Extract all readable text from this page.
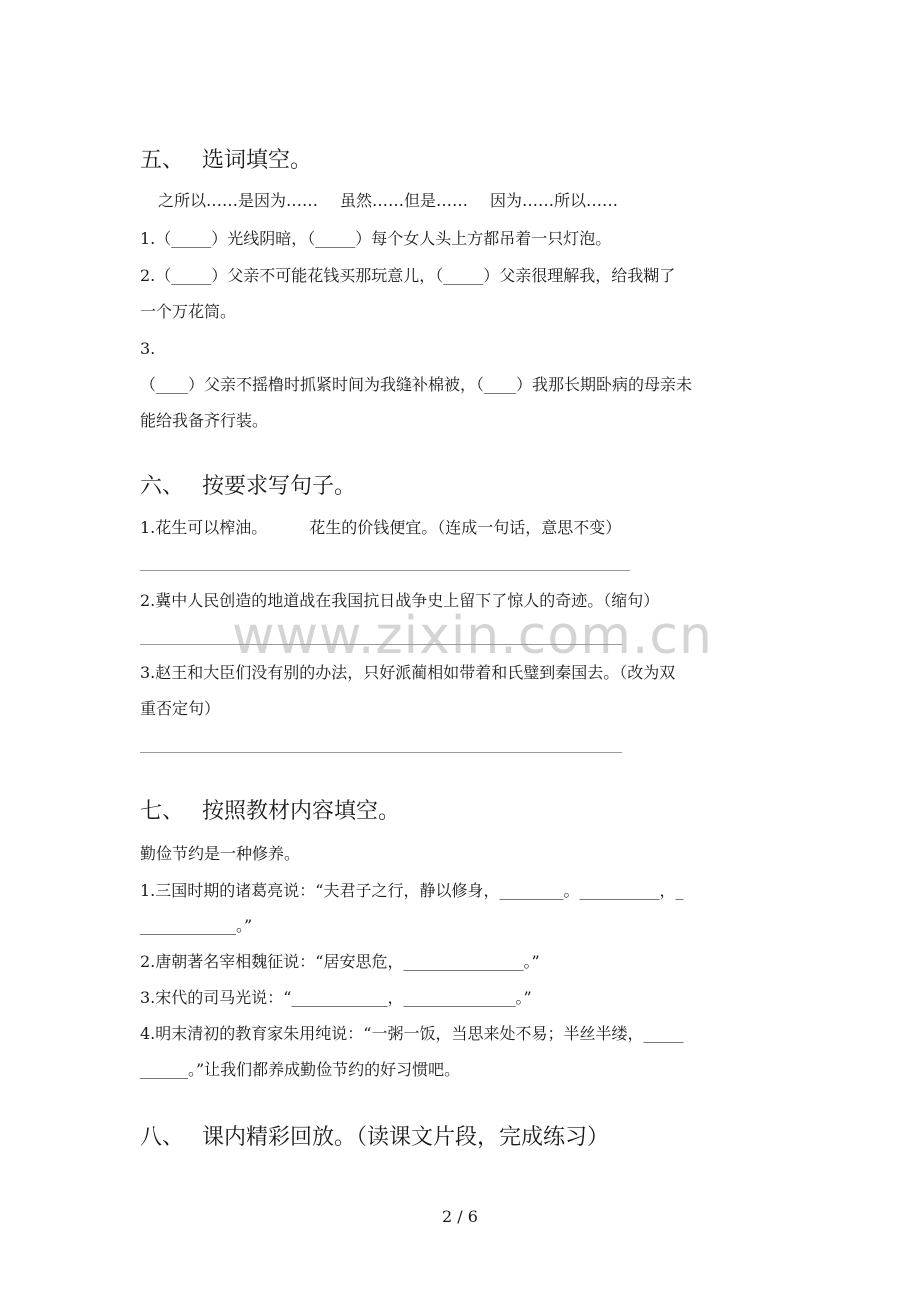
www.zixin.com.cn
五、 选词填空。
之所以……是因为…… 虽然……但是…… 因为……所以……
1.（_____）光线阴暗，（_____）每个女人头上方都吊着一只灯泡。
2.（_____）父亲不可能花钱买那玩意儿，（_____）父亲很理解我，给我糊了
一个万花筒。
3.
（____）父亲不摇橹时抓紧时间为我缝补棉被，（____）我那长期卧病的母亲未
能给我备齐行装。
六、 按要求写句子。
1.花生可以榨油。	花生的价钱便宜。（连成一句话，意思不变）
2.冀中人民创造的地道战在我国抗日战争史上留下了惊人的奇迹。（缩句）
3.赵王和大臣们没有别的办法，只好派蔺相如带着和氏璧到秦国去。（改为双
重否定句）
七、 按照教材内容填空。
勤俭节约是一种修养。
1.三国时期的诸葛亮说：“夫君子之行，静以修身，________。__________，_
____________。”
2.唐朝著名宰相魏征说：“居安思危，_______________。”
3.宋代的司马光说：“____________，______________。”
4.明末清初的教育家朱用纯说：“一粥一饭，当思来处不易；半丝半缕，_____
______。”让我们都养成勤俭节约的好习惯吧。
八、 课内精彩回放。（读课文片段，完成练习）
2 / 6
